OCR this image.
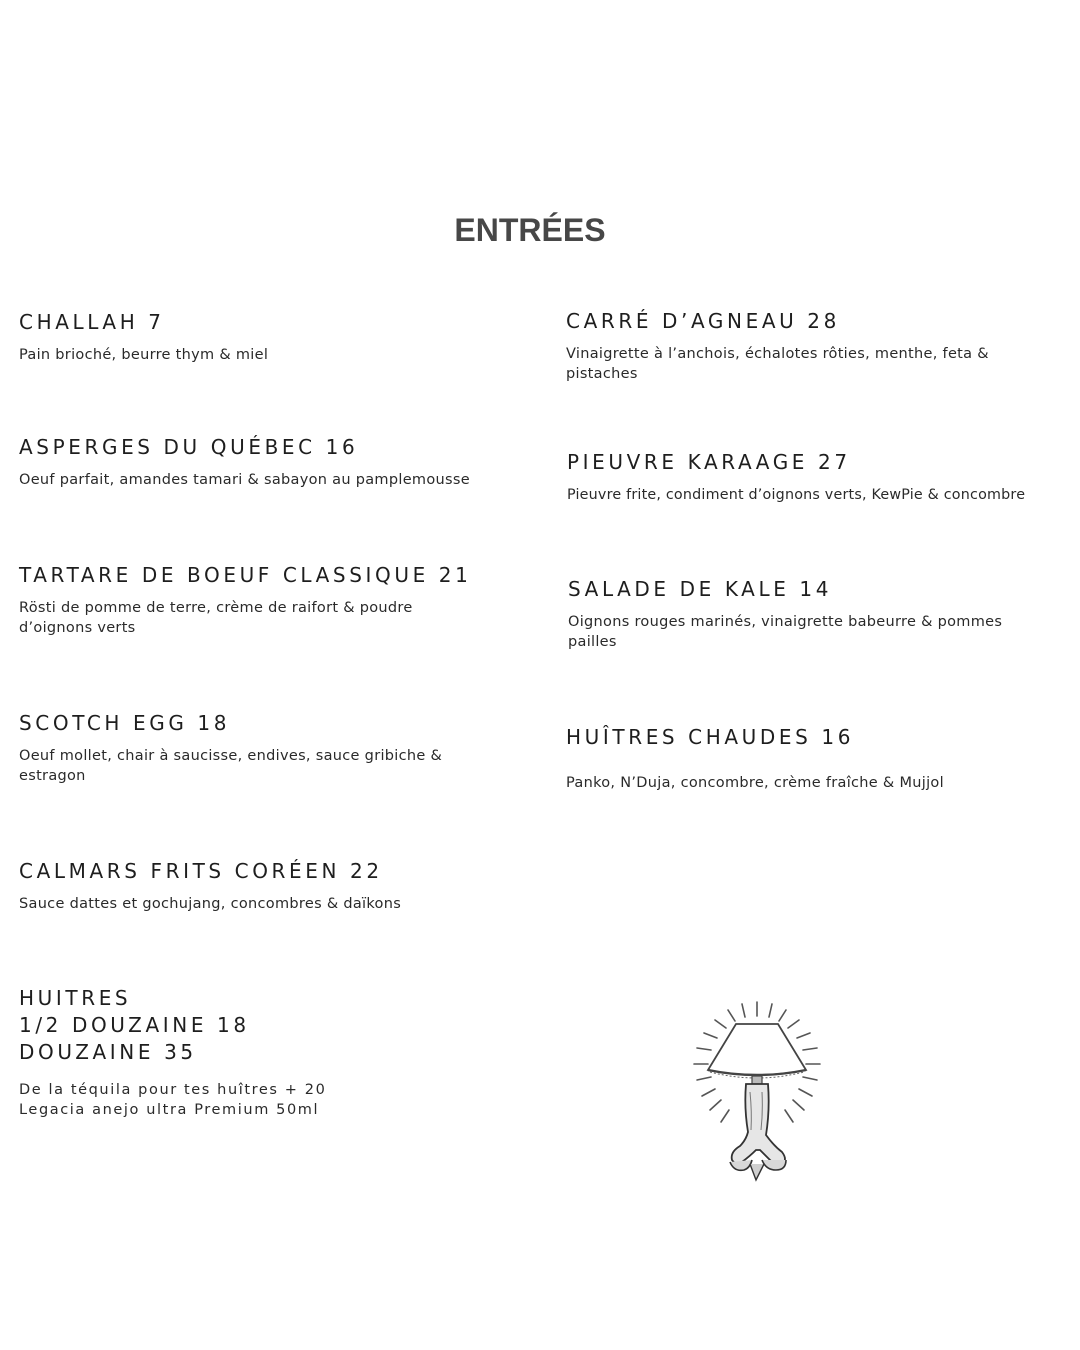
ENTRÉES
CHALLAH 7
Pain brioché, beurre thym & miel
ASPERGES DU QUÉBEC 16
Oeuf parfait, amandes tamari & sabayon au pamplemousse
TARTARE DE BOEUF CLASSIQUE 21
Rösti de pomme de terre, crème de raifort & poudre d’oignons verts
SCOTCH EGG 18
Oeuf mollet, chair à saucisse, endives, sauce gribiche & estragon
CALMARS FRITS CORÉEN 22
Sauce dattes et gochujang, concombres & daïkons
HUITRES
1/2 DOUZAINE 18
DOUZAINE 35
De la téquila pour tes huîtres + 20
Legacia anejo ultra Premium 50ml
CARRÉ D’AGNEAU 28
Vinaigrette à l’anchois, échalotes rôties, menthe, feta & pistaches
PIEUVRE KARAAGE 27
Pieuvre frite, condiment d’oignons verts, KewPie & concombre
SALADE DE KALE 14
Oignons rouges marinés, vinaigrette babeurre & pommes pailles
HUÎTRES CHAUDES 16
Panko, N’Duja, concombre, crème fraîche & Mujjol
